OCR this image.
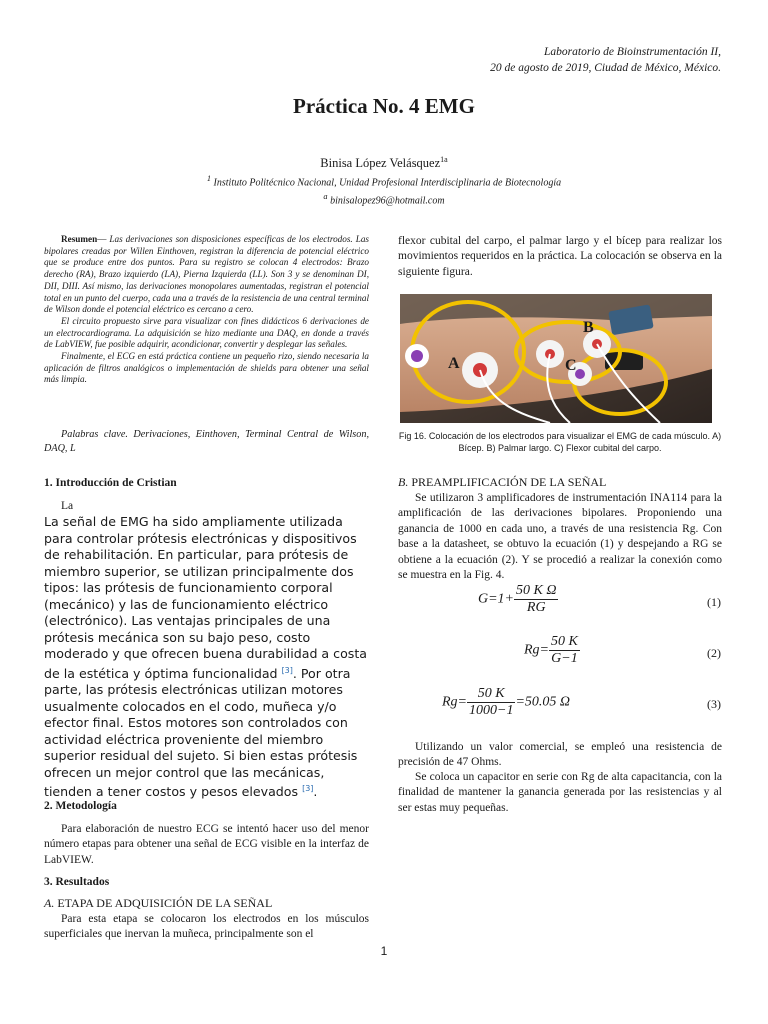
Laboratorio de Bioinstrumentación II,
20 de agosto de 2019, Ciudad de México, México.
Práctica No. 4 EMG
Binisa López Velásquez$^{1a}$
$^1$ Instituto Politécnico Nacional, Unidad Profesional Interdisciplinaria de Biotecnología
$^a$ binisalopez96@hotmail.com

Resumen— Las derivaciones son disposiciones específicas de los electrodos. Las bipolares creadas por Willen Einthoven, registran la diferencia de potencial eléctrico que se produce entre dos puntos. Para su registro se colocan 4 electrodos: Brazo derecho (RA), Brazo izquierdo (LA), Pierna Izquierda (LL). Son 3 y se denominan DI, DII, DIII. Así mismo, las derivaciones monopolares aumentadas, registran el potencial total en un punto del cuerpo, cada una a través de la resistencia de una central terminal de Wilson donde el potencial eléctrico es cercano a cero.

El circuito propuesto sirve para visualizar con fines didácticos 6 derivaciones de un electrocardiograma. La adquisición se hizo mediante una DAQ, en donde a través de LabVIEW, fue posible adquirir, acondicionar, convertir y desplegar las señales.

Finalmente, el ECG en está práctica contiene un pequeño rizo, siendo necesaria la aplicación de filtros analógicos o implementación de shields para obtener una señal más limpia.

Palabras clave. Derivaciones, Einthoven, Terminal Central de Wilson, DAQ, L
1. Introducción de Cristian
La
La señal de EMG ha sido ampliamente utilizada para controlar prótesis electrónicas y dispositivos de rehabilitación. En particular, para prótesis de miembro superior, se utilizan principalmente dos tipos: las prótesis de funcionamiento corporal (mecánico) y las de funcionamiento eléctrico (electrónico). Las ventajas principales de una prótesis mecánica son su bajo peso, costo moderado y que ofrecen buena durabilidad a costa de la estética y óptima funcionalidad [3]. Por otra parte, las prótesis electrónicas utilizan motores usualmente colocados en el codo, muñeca y/o efector final. Estos motores son controlados con actividad eléctrica proveniente del miembro superior residual del sujeto. Si bien estas prótesis ofrecen un mejor control que las mecánicas, tienden a tener costos y pesos elevados [3].
2. Metodología
Para elaboración de nuestro ECG se intentó hacer uso del menor número etapas para obtener una señal de ECG visible en la interfaz de LabVIEW.
3. Resultados
A. ETAPA DE ADQUISICIÓN DE LA SEÑAL
Para esta etapa se colocaron los electrodos en los músculos superficiales que inervan la muñeca, principalmente son el
flexor cubital del carpo, el palmar largo y el bícep para realizar los movimientos requeridos en la práctica. La colocación se observa en la siguiente figura.
A
B
C
Fig 16. Colocación de los electrodos para visualizar el EMG de cada músculo. A) Bícep. B) Palmar largo. C) Flexor cubital del carpo.
B. PREAMPLIFICACIÓN DE LA SEÑAL
Se utilizaron 3 amplificadores de instrumentación INA114 para la amplificación de las derivaciones bipolares. Proponiendo una ganancia de 1000 en cada uno, a través de una resistencia Rg. Con base a la datasheet, se obtuvo la ecuación (1) y despejando a RG se obtiene a la ecuación (2). Y se procedió a realizar la conexión como se muestra en la Fig. 4.
$G=1+ \frac{\text{50 K Ω}}{RG}$	(1)
$Rg= \frac{50 K}{G-1}$	(2)
$Rg= \frac{50 K}{1000-1} =50.05$ Ω	(3)
Utilizando un valor comercial, se empleó una resistencia de precisión de 47 Ohms.
Se coloca un capacitor en serie con Rg de alta capacitancia, con la finalidad de mantener la ganancia generada por las resistencias y al ser estas muy pequeñas.
1
